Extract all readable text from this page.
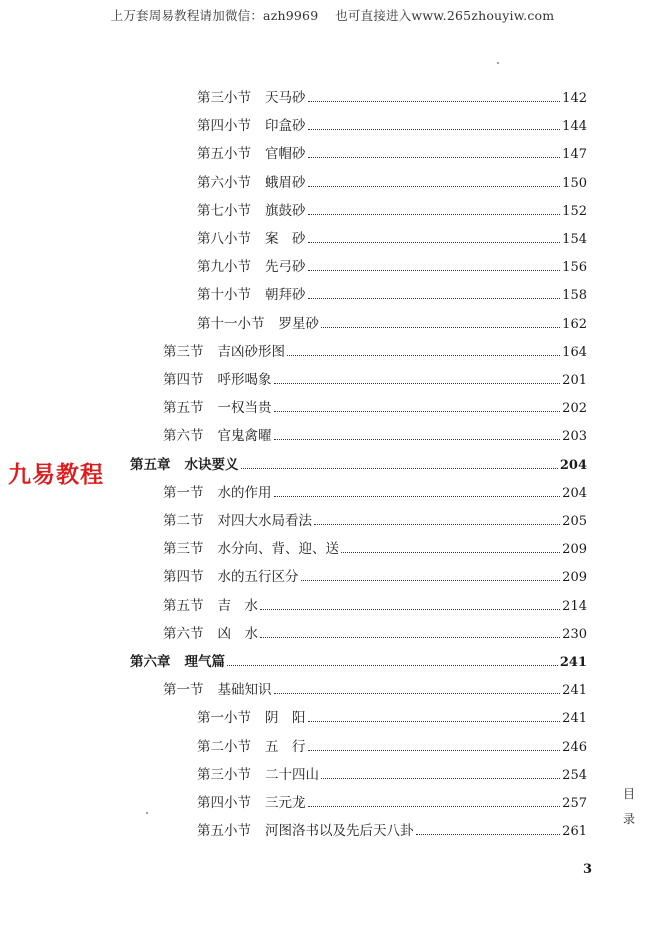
上万套周易教程请加微信：azh9969　 也可直接进入www.265zhouyiw.com
九易教程
第三小节 天马砂	142
第四小节 印盒砂	144
第五小节 官帽砂	147
第六小节 蛾眉砂	150
第七小节 旗鼓砂	152
第八小节 案　砂	154
第九小节 先弓砂	156
第十小节 朝拜砂	158
第十一小节 罗星砂	162
第三节 吉凶砂形图	164
第四节 呼形喝象	201
第五节 一权当贵	202
第六节 官鬼禽曜	203
第五章 水诀要义	204
第一节 水的作用	204
第二节 对四大水局看法	205
第三节 水分向、背、迎、送	209
第四节 水的五行区分	209
第五节 吉　水	214
第六节 凶　水	230
第六章 理气篇	241
第一节 基础知识	241
第一小节 阴　阳	241
第二小节 五　行	246
第三小节 二十四山	254
第四小节 三元龙	257
第五小节 河图洛书以及先后天八卦	261
目
录
3
